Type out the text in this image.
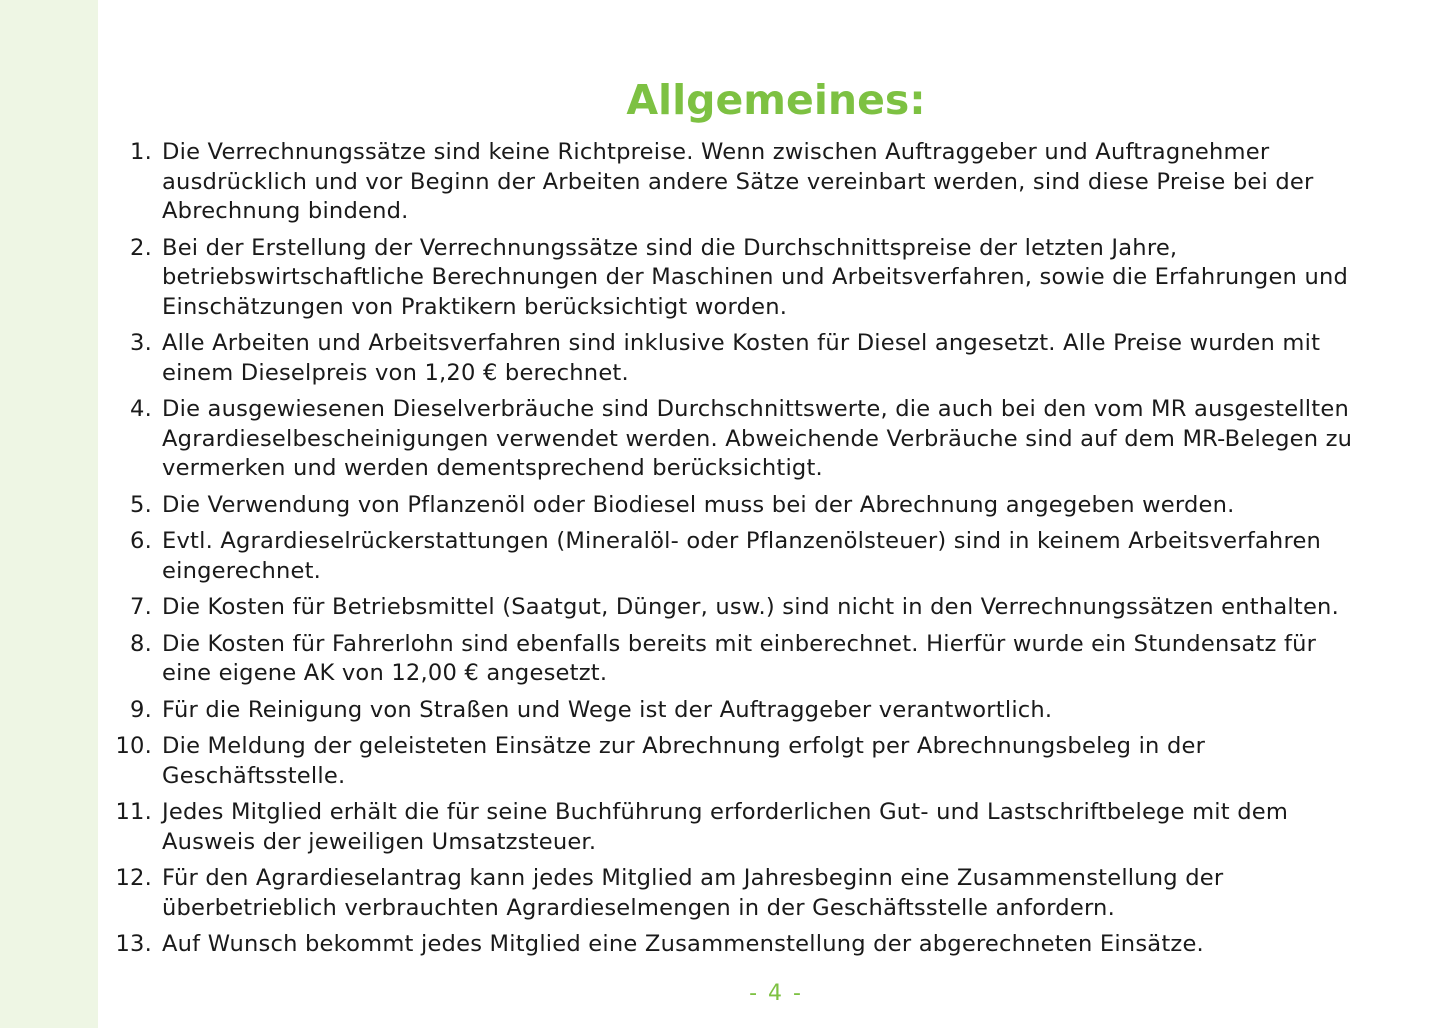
Allgemeines:
1. Die Verrechnungssätze sind keine Richtpreise. Wenn zwischen Auftraggeber und Auftragnehmer ausdrücklich und vor Beginn der Arbeiten andere Sätze vereinbart werden, sind diese Preise bei der Abrechnung bindend.
2. Bei der Erstellung der Verrechnungssätze sind die Durchschnittspreise der letzten Jahre, betriebswirtschaftliche Berechnungen der Maschinen und Arbeitsverfahren, sowie die Erfahrungen und Einschätzungen von Praktikern berücksichtigt worden.
3. Alle Arbeiten und Arbeitsverfahren sind inklusive Kosten für Diesel angesetzt. Alle Preise wurden mit einem Dieselpreis von 1,20 € berechnet.
4. Die ausgewiesenen Dieselverbräuche sind Durchschnittswerte, die auch bei den vom MR ausgestellten Agrardieselbescheinigungen verwendet werden. Abweichende Verbräuche sind auf dem MR-Belegen zu vermerken und werden dementsprechend berücksichtigt.
5. Die Verwendung von Pflanzenöl oder Biodiesel muss bei der Abrechnung angegeben werden.
6. Evtl. Agrardieselrückerstattungen (Mineralöl- oder Pflanzenölsteuer) sind in keinem Arbeitsverfahren eingerechnet.
7. Die Kosten für Betriebsmittel (Saatgut, Dünger, usw.) sind nicht in den Verrechnungssätzen enthalten.
8. Die Kosten für Fahrerlohn sind ebenfalls bereits mit einberechnet. Hierfür wurde ein Stundensatz für eine eigene AK von 12,00 € angesetzt.
9. Für die Reinigung von Straßen und Wege ist der Auftraggeber verantwortlich.
10. Die Meldung der geleisteten Einsätze zur Abrechnung erfolgt per Abrechnungsbeleg in der Geschäftsstelle.
11. Jedes Mitglied erhält die für seine Buchführung erforderlichen Gut- und Lastschriftbelege mit dem Ausweis der jeweiligen Umsatzsteuer.
12. Für den Agrardieselantrag kann jedes Mitglied am Jahresbeginn eine Zusammenstellung der überbetrieblich verbrauchten Agrardieselmengen in der Geschäftsstelle anfordern.
13. Auf Wunsch bekommt jedes Mitglied eine Zusammenstellung der abgerechneten Einsätze.
- 4 -
